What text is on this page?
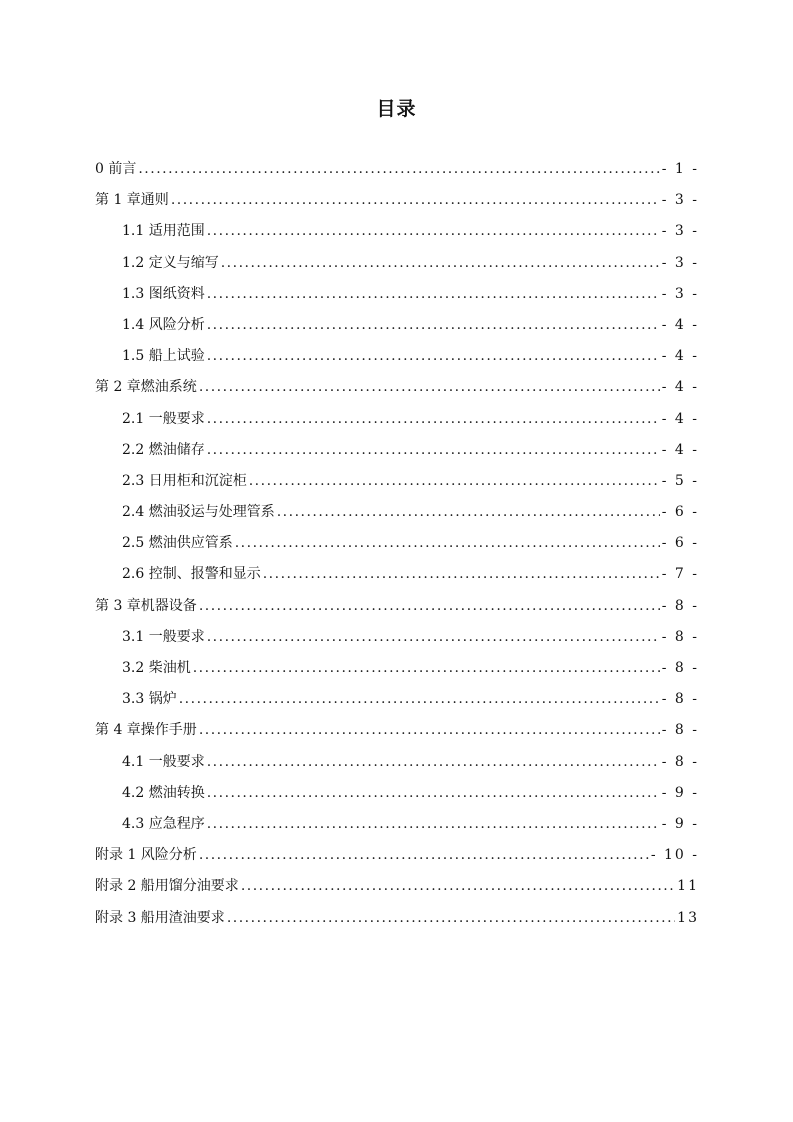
目录
0 前言 .....	- 1 -
第 1 章通则 .....	- 3 -
1.1 适用范围 .....	- 3 -
1.2 定义与缩写 .....	- 3 -
1.3 图纸资料 .....	- 3 -
1.4 风险分析 .....	- 4 -
1.5 船上试验 .....	- 4 -
第 2 章燃油系统 .....	- 4 -
2.1 一般要求 .....	- 4 -
2.2 燃油储存 .....	- 4 -
2.3 日用柜和沉淀柜 .....	- 5 -
2.4 燃油驳运与处理管系 .....	- 6 -
2.5 燃油供应管系 .....	- 6 -
2.6 控制、报警和显示 .....	- 7 -
第 3 章机器设备 .....	- 8 -
3.1 一般要求 .....	- 8 -
3.2 柴油机 .....	- 8 -
3.3 锅炉 .....	- 8 -
第 4 章操作手册 .....	- 8 -
4.1 一般要求 .....	- 8 -
4.2 燃油转换 .....	- 9 -
4.3 应急程序 .....	- 9 -
附录 1 风险分析 .....	- 10 -
附录 2 船用馏分油要求 .....	11
附录 3 船用渣油要求 .....	13
